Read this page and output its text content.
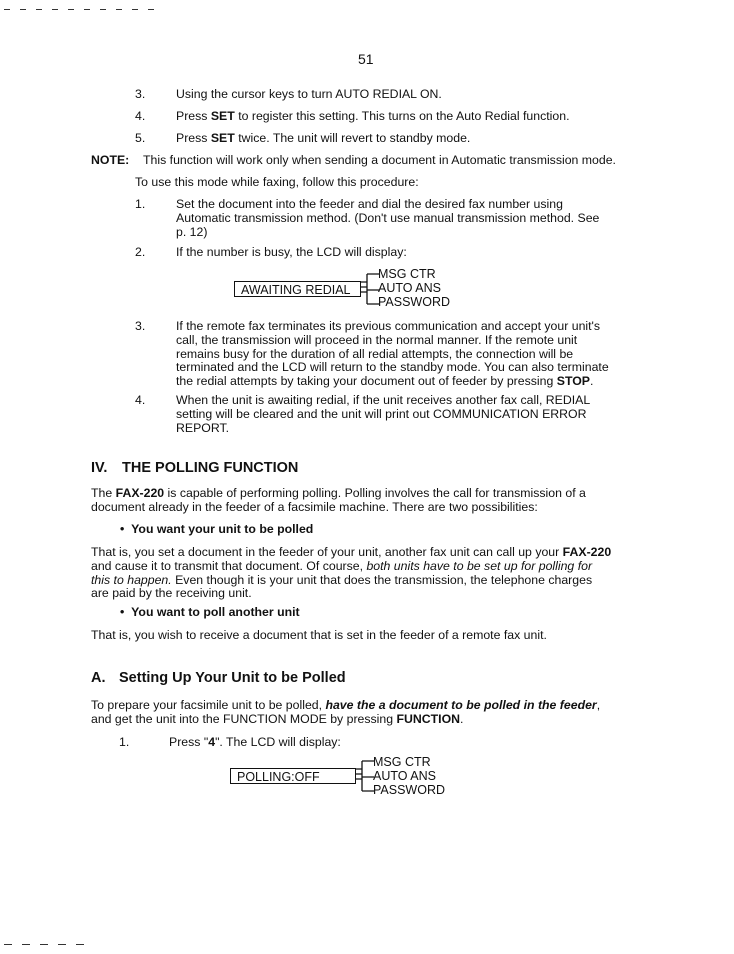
51
3.	Using the cursor keys to turn AUTO REDIAL ON.
4.	Press SET to register this setting. This turns on the Auto Redial function.
5.	Press SET twice. The unit will revert to standby mode.
NOTE: This function will work only when sending a document in Automatic transmission mode.
To use this mode while faxing, follow this procedure:
1.	Set the document into the feeder and dial the desired fax number using
Automatic transmission method. (Don't use manual transmission method. See
p. 12)
2.	If the number is busy, the LCD will display:
AWAITING REDIAL
MSG CTR
AUTO ANS
PASSWORD
3.	If the remote fax terminates its previous communication and accept your unit's
call, the transmission will proceed in the normal manner. If the remote unit
remains busy for the duration of all redial attempts, the connection will be
terminated and the LCD will return to the standby mode. You can also terminate
the redial attempts by taking your document out of feeder by pressing STOP.
4.	When the unit is awaiting redial, if the unit receives another fax call, REDIAL
setting will be cleared and the unit will print out COMMUNICATION ERROR
REPORT.
IV. THE POLLING FUNCTION
The FAX-220 is capable of performing polling. Polling involves the call for transmission of a
document already in the feeder of a facsimile machine. There are two possibilities:
•  You want your unit to be polled
That is, you set a document in the feeder of your unit, another fax unit can call up your FAX-220
and cause it to transmit that document. Of course, both units have to be set up for polling for
this to happen. Even though it is your unit that does the transmission, the telephone charges
are paid by the receiving unit.
•  You want to poll another unit
That is, you wish to receive a document that is set in the feeder of a remote fax unit.
A. Setting Up Your Unit to be Polled
To prepare your facsimile unit to be polled, have the a document to be polled in the feeder,
and get the unit into the FUNCTION MODE by pressing FUNCTION.
1.	Press "4". The LCD will display:
POLLING:OFF
MSG CTR
AUTO ANS
PASSWORD
